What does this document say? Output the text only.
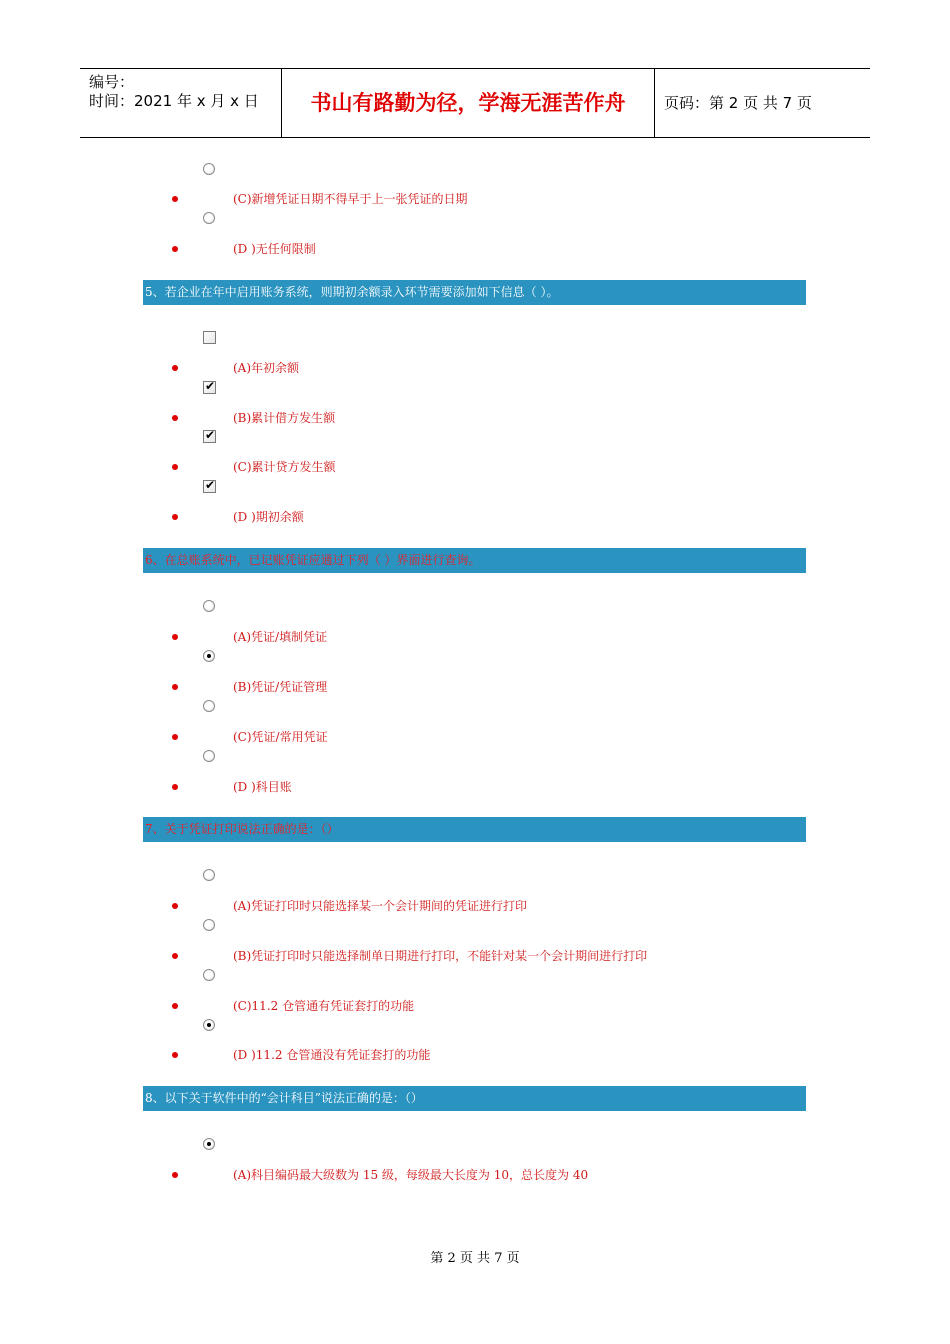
编号：
时间：2021 年 x 月 x 日	书山有路勤为径，学海无涯苦作舟	页码：第 2 页 共 7 页
(C)新增凭证日期不得早于上一张凭证的日期
(D )无任何限制
5、若企业在年中启用账务系统，则期初余额录入环节需要添加如下信息（ ）。
(A)年初余额
✔
(B)累计借方发生额
✔
(C)累计贷方发生额
✔
(D )期初余额
6、在总账系统中，已记账凭证应通过下列（ ）界面进行查询。
(A)凭证/填制凭证
(B)凭证/凭证管理
(C)凭证/常用凭证
(D )科目账
7、关于凭证打印说法正确的是：（）
(A)凭证打印时只能选择某一个会计期间的凭证进行打印
(B)凭证打印时只能选择制单日期进行打印，不能针对某一个会计期间进行打印
(C)11.2 仓管通有凭证套打的功能
(D )11.2 仓管通没有凭证套打的功能
8、以下关于软件中的“会计科目”说法正确的是：（）
(A)科目编码最大级数为 15 级，每级最大长度为 10，总长度为 40
第 2 页 共 7 页
